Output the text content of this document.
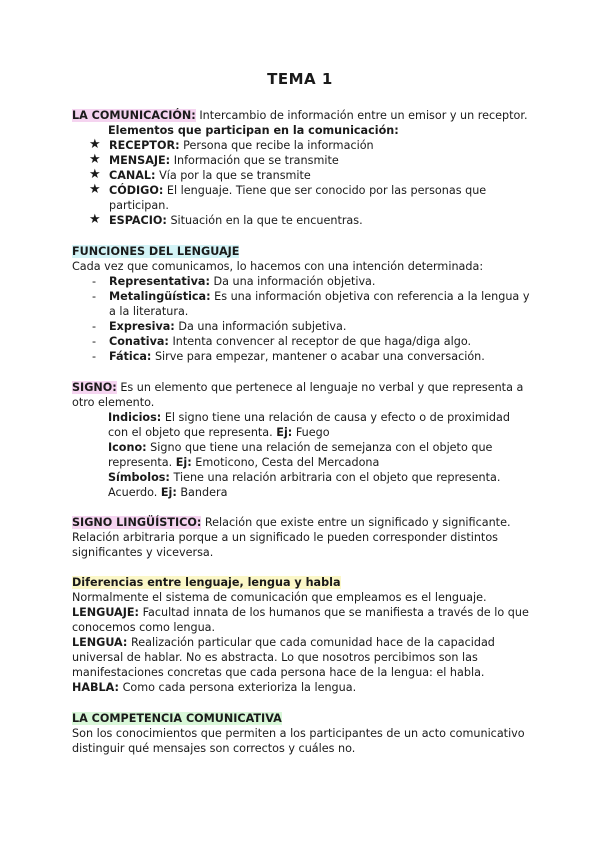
TEMA 1

LA COMUNICACIÓN: Intercambio de información entre un emisor y un receptor.

Elementos que participan en la comunicación:

★ RECEPTOR: Persona que recibe la información
★ MENSAJE: Información que se transmite
★ CANAL: Vía por la que se transmite
★ CÓDIGO: El lenguaje. Tiene que ser conocido por las personas que participan.
★ ESPACIO: Situación en la que te encuentras.

FUNCIONES DEL LENGUAJE

Cada vez que comunicamos, lo hacemos con una intención determinada:

-	Representativa: Da una información objetiva.
-	Metalingüística: Es una información objetiva con referencia a la lengua y a la literatura.
-	Expresiva: Da una información subjetiva.
-	Conativa: Intenta convencer al receptor de que haga/diga algo.
-	Fática: Sirve para empezar, mantener o acabar una conversación.

SIGNO: Es un elemento que pertenece al lenguaje no verbal y que representa a otro elemento.

Indicios: El signo tiene una relación de causa y efecto o de proximidad con el objeto que representa. Ej: Fuego
Icono: Signo que tiene una relación de semejanza con el objeto que representa. Ej: Emoticono, Cesta del Mercadona
Símbolos: Tiene una relación arbitraria con el objeto que representa. Acuerdo. Ej: Bandera

SIGNO LINGÜÍSTICO: Relación que existe entre un significado y significante. Relación arbitraria porque a un significado le pueden corresponder distintos significantes y viceversa.

Diferencias entre lenguaje, lengua y habla

Normalmente el sistema de comunicación que empleamos es el lenguaje.

LENGUAJE: Facultad innata de los humanos que se manifiesta a través de lo que conocemos como lengua.

LENGUA: Realización particular que cada comunidad hace de la capacidad universal de hablar. No es abstracta. Lo que nosotros percibimos son las manifestaciones concretas que cada persona hace de la lengua: el habla.

HABLA: Como cada persona exterioriza la lengua.

LA COMPETENCIA COMUNICATIVA

Son los conocimientos que permiten a los participantes de un acto comunicativo distinguir qué mensajes son correctos y cuáles no.
